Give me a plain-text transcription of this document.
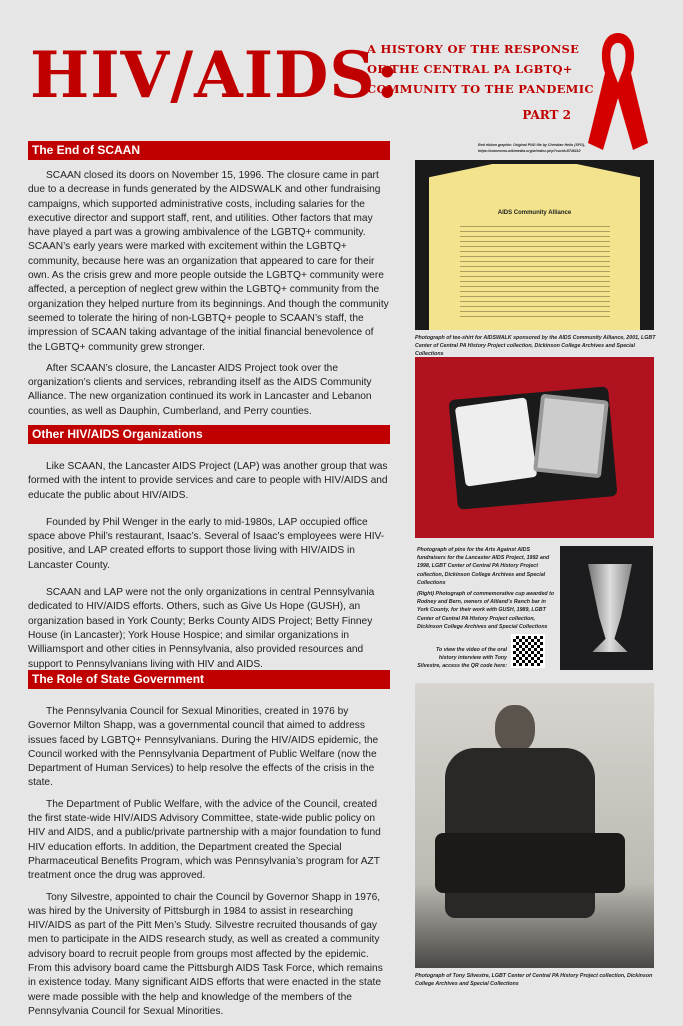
HIV/AIDS:
A HISTORY OF THE RESPONSE
OF THE CENTRAL PA LGBTQ+
COMMUNITY TO THE PANDEMIC
PART 2
Red ribbon graphic: Original PNG file by Christian Heilo (SFG), https://commons.wikimedia.org/w/index.php?curid=5746110
The End of SCAAN

SCAAN closed its doors on November 15, 1996. The closure came in part due to a decrease in funds generated by the AIDSWALK and other fundraising campaigns, which supported administrative costs, including salaries for the executive director and support staff, rent, and utilities. Other factors that may have played a part was a growing ambivalence of the LGBTQ+ community. SCAAN’s early years were marked with excitement within the LGBTQ+ community, because here was an organization that appeared to care for their own. As the crisis grew and more people outside the LGBTQ+ community were affected, a perception of neglect grew within the LGBTQ+ community from the organization they helped nurture from its beginnings. And though the community seemed to tolerate the hiring of non-LGBTQ+ people to SCAAN’s staff, the impression of SCAAN taking advantage of the initial financial benevolence of the LGBTQ+ community grew stronger.

After SCAAN’s closure, the Lancaster AIDS Project took over the organization’s clients and services, rebranding itself as the AIDS Community Alliance. The new organization continued its work in Lancaster and Lebanon counties, as well as Dauphin, Cumberland, and Perry counties.

Other HIV/AIDS Organizations

Like SCAAN, the Lancaster AIDS Project (LAP) was another group that was formed with the intent to provide services and care to people with HIV/AIDS and educate the public about HIV/AIDS.

Founded by Phil Wenger in the early to mid-1980s, LAP occupied office space above Phil’s restaurant, Isaac’s. Several of Isaac’s employees were HIV-positive, and LAP created efforts to support those living with HIV/AIDS in Lancaster County.

SCAAN and LAP were not the only organizations in central Pennsylvania dedicated to HIV/AIDS efforts. Others, such as Give Us Hope (GUSH), an organization based in York County; Berks County AIDS Project; Betty Finney House (in Lancaster); York House Hospice; and similar organizations in Williamsport and other cities in Pennsylvania, also provided resources and support to Pennsylvanians living with HIV and AIDS.

The Role of State Government

The Pennsylvania Council for Sexual Minorities, created in 1976 by Governor Milton Shapp, was a governmental council that aimed to address issues faced by LGBTQ+ Pennsylvanians. During the HIV/AIDS epidemic, the Council worked with the Pennsylvania Department of Public Welfare (now the Department of Human Services) to help resolve the effects of the crisis in the state.

The Department of Public Welfare, with the advice of the Council, created the first state-wide HIV/AIDS Advisory Committee, state-wide public policy on HIV and AIDS, and a public/private partnership with a major foundation to fund HIV education efforts. In addition, the Department created the Special Pharmaceutical Benefits Program, which was Pennsylvania’s program for AZT treatment once the drug was approved.

Tony Silvestre, appointed to chair the Council by Governor Shapp in 1976, was hired by the University of Pittsburgh in 1984 to assist in researching HIV/AIDS as part of the Pitt Men’s Study. Silvestre recruited thousands of gay men to participate in the AIDS research study, as well as created a community advisory board to recruit people from groups most affected by the epidemic. From this advisory board came the Pittsburgh AIDS Task Force, which remains in existence today. Many significant AIDS efforts that were enacted in the state were made possible with the help and knowledge of the members of the Pennsylvania Council for Sexual Minorities.

AIDS Community Alliance
Photograph of tee-shirt for AIDSWALK sponsored by the AIDS Community Alliance, 2001, LGBT Center of Central PA History Project collection, Dickinson College Archives and Special Collections
Photograph of pins for the Arts Against AIDS fundraisers for the Lancaster AIDS Project, 1992 and 1998, LGBT Center of Central PA History Project collection, Dickinson College Archives and Special Collections
(Right) Photograph of commemorative cup awarded to Rodney and Bern, owners of Altland’s Ranch bar in York County, for their work with GUSH, 1989, LGBT Center of Central PA History Project collection, Dickinson College Archives and Special Collections
To view the video of the oral history interview with Tony Silvestre, access the QR code here:
Photograph of Tony Silvestre, LGBT Center of Central PA History Project collection, Dickinson College Archives and Special Collections
